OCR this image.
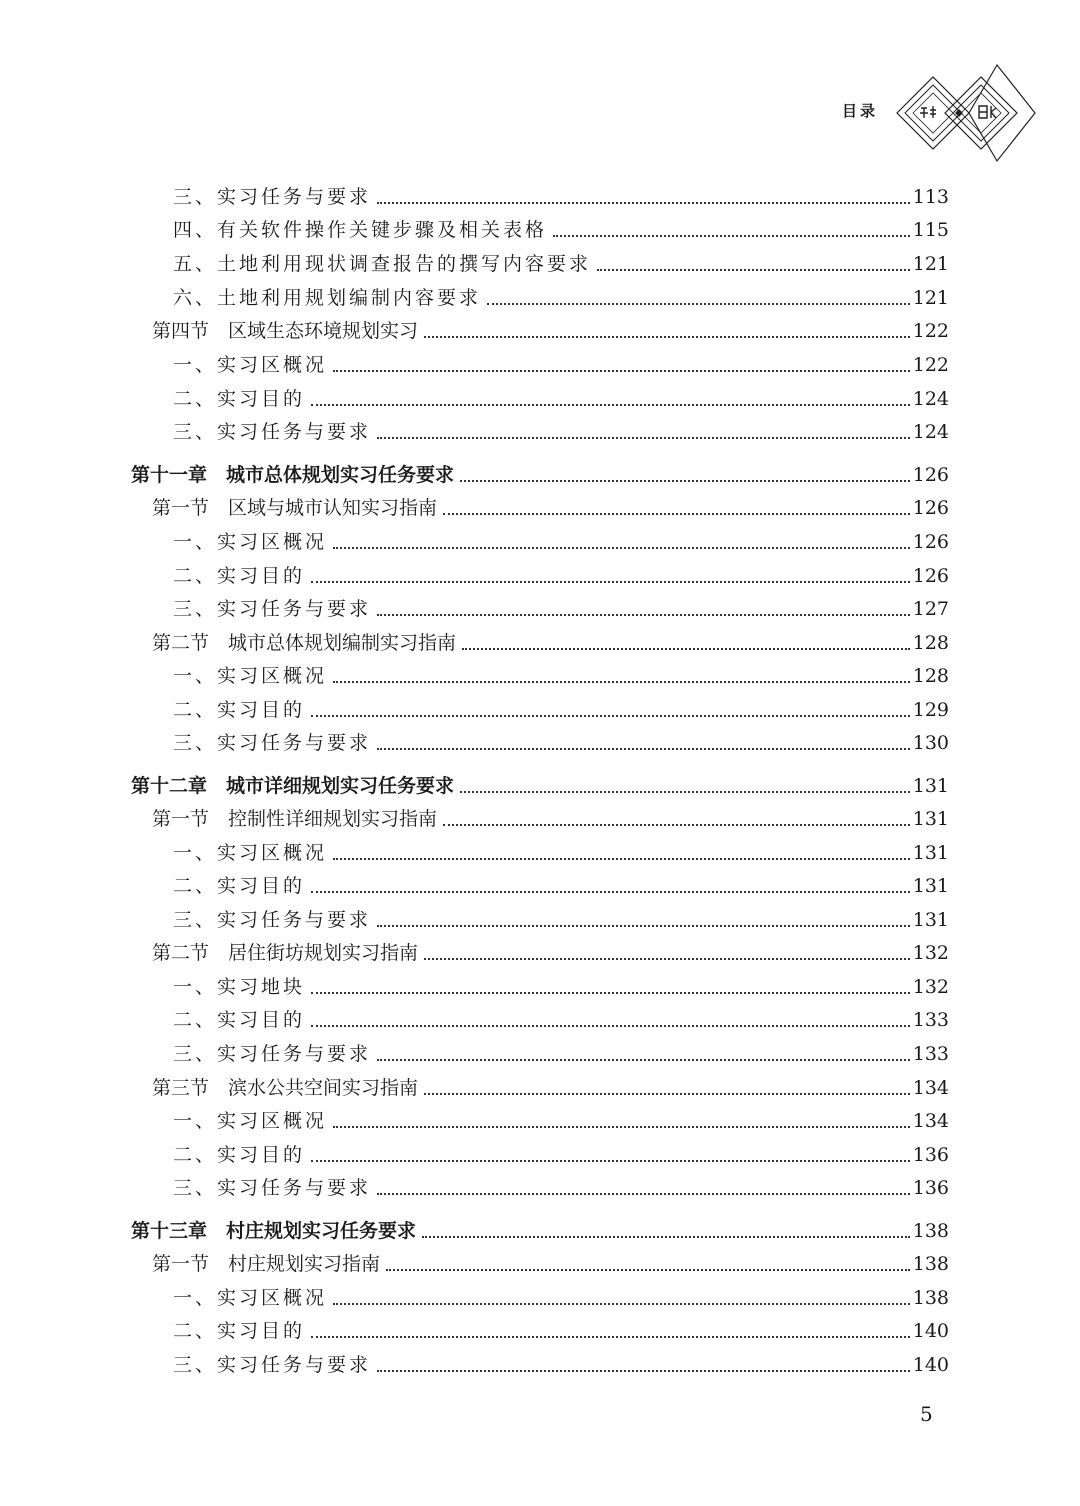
目录
三、实习任务与要求	113
四、有关软件操作关键步骤及相关表格	115
五、土地利用现状调查报告的撰写内容要求	121
六、土地利用规划编制内容要求	121
第四节　区域生态环境规划实习	122
一、实习区概况	122
二、实习目的	124
三、实习任务与要求	124
第十一章　城市总体规划实习任务要求	126
第一节　区域与城市认知实习指南	126
一、实习区概况	126
二、实习目的	126
三、实习任务与要求	127
第二节　城市总体规划编制实习指南	128
一、实习区概况	128
二、实习目的	129
三、实习任务与要求	130
第十二章　城市详细规划实习任务要求	131
第一节　控制性详细规划实习指南	131
一、实习区概况	131
二、实习目的	131
三、实习任务与要求	131
第二节　居住街坊规划实习指南	132
一、实习地块	132
二、实习目的	133
三、实习任务与要求	133
第三节　滨水公共空间实习指南	134
一、实习区概况	134
二、实习目的	136
三、实习任务与要求	136
第十三章　村庄规划实习任务要求	138
第一节　村庄规划实习指南	138
一、实习区概况	138
二、实习目的	140
三、实习任务与要求	140
5
